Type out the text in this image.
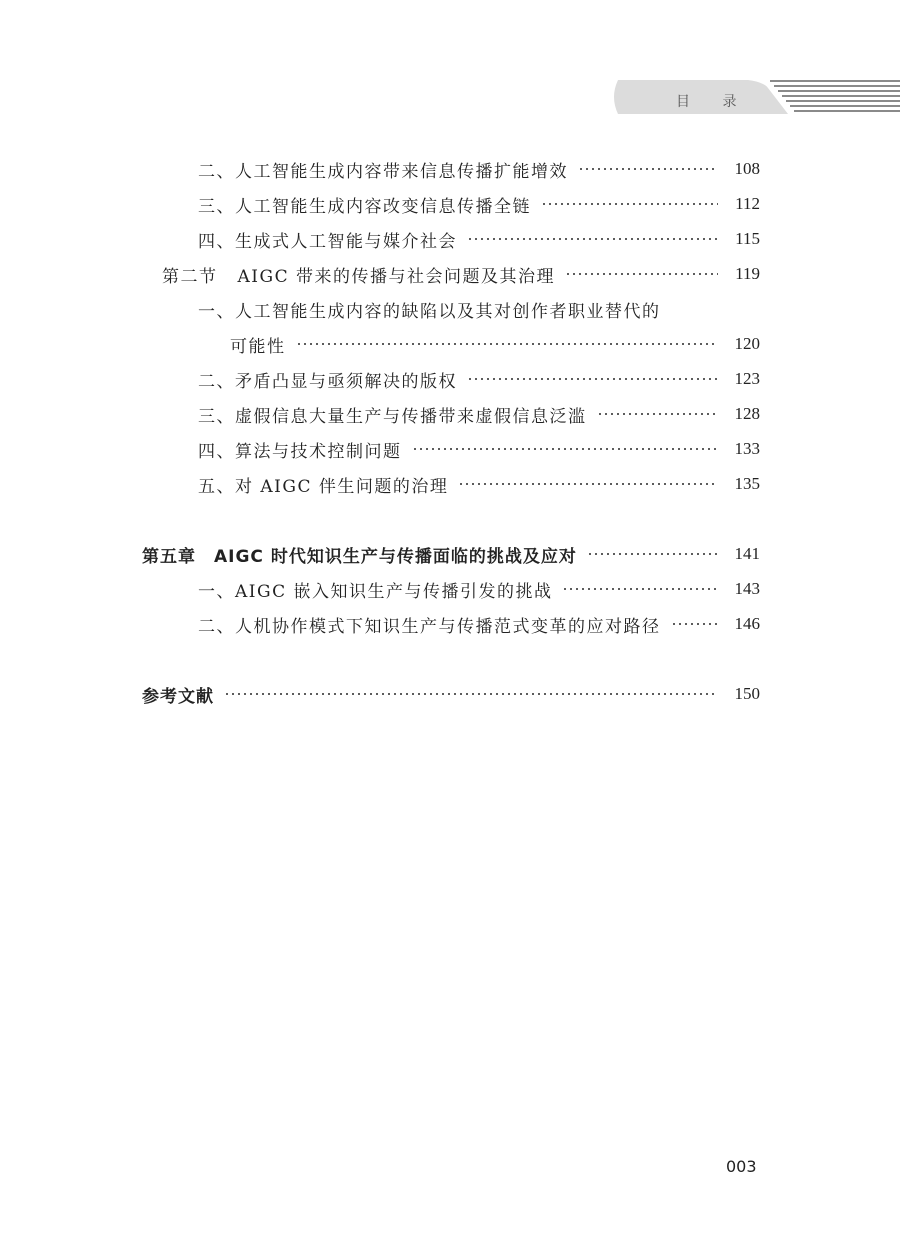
目 录
二、人工智能生成内容带来信息传播扩能增效	108
三、人工智能生成内容改变信息传播全链	112
四、生成式人工智能与媒介社会	115
第二节 AIGC 带来的传播与社会问题及其治理	119
一、人工智能生成内容的缺陷以及其对创作者职业替代的
可能性	120
二、矛盾凸显与亟须解决的版权	123
三、虚假信息大量生产与传播带来虚假信息泛滥	128
四、算法与技术控制问题	133
五、对 AIGC 伴生问题的治理	135
第五章 AIGC 时代知识生产与传播面临的挑战及应对	141
一、AIGC 嵌入知识生产与传播引发的挑战	143
二、人机协作模式下知识生产与传播范式变革的应对路径	146
参考文献	150
003
